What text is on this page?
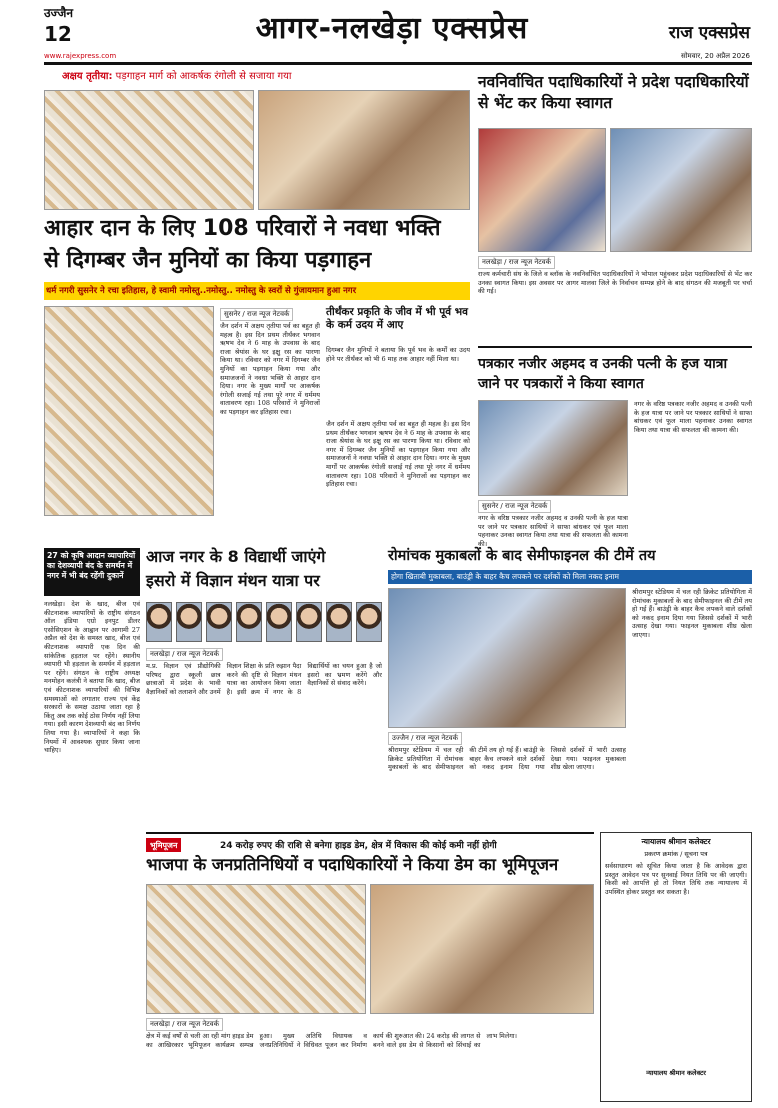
उज्जैन
12
www.rajexpress.com
आगर-नलखेड़ा एक्सप्रेस	राज एक्सप्रेस
सोमवार, 20 अप्रैल 2026
अक्षय तृतीया: पड़गाहन मार्ग को आकर्षक रंगोली से सजाया गया
आहार दान के लिए 108 परिवारों ने नवधा भक्ति
से दिगम्बर जैन मुनियों का किया पड़गाहन
धर्म नगरी सुसनेर ने रचा इतिहास, हे स्वामी नमोस्तु..नमोस्तु.. नमोस्तु के स्वरों से गुंजायमान हुआ नगर
सुसनेर / राज न्यूज नेटवर्क
जैन दर्शन में अक्षय तृतीया पर्व का बहुत ही महत्व है। इस दिन प्रथम तीर्थंकर भगवान ऋषभ देव ने 6 माह के उपवास के बाद राजा श्रेयांस के घर इक्षु रस का पारणा किया था। रविवार को नगर में दिगम्बर जैन मुनियों का पड़गाहन किया गया और समाजजनों ने नवधा भक्ति से आहार दान दिया। नगर के मुख्य मार्गों पर आकर्षक रंगोली सजाई गई तथा पूरे नगर में धर्ममय वातावरण रहा। 108 परिवारों ने मुनिराजों का पड़गाहन कर इतिहास रचा।
तीर्थंकर प्रकृति के जीव में भी पूर्व भव के कर्म उदय में आए
दिगम्बर जैन मुनियों ने बताया कि पूर्व भव के कर्मों का उदय होने पर तीर्थंकर को भी 6 माह तक आहार नहीं मिला था।
जैन दर्शन में अक्षय तृतीया पर्व का बहुत ही महत्व है। इस दिन प्रथम तीर्थंकर भगवान ऋषभ देव ने 6 माह के उपवास के बाद राजा श्रेयांस के घर इक्षु रस का पारणा किया था। रविवार को नगर में दिगम्बर जैन मुनियों का पड़गाहन किया गया और समाजजनों ने नवधा भक्ति से आहार दान दिया। नगर के मुख्य मार्गों पर आकर्षक रंगोली सजाई गई तथा पूरे नगर में धर्ममय वातावरण रहा। 108 परिवारों ने मुनिराजों का पड़गाहन कर इतिहास रचा।
नवनिर्वाचित पदाधिकारियों ने प्रदेश पदाधिकारियों से भेंट कर किया स्वागत
नलखेड़ा / राज न्यूज नेटवर्क
राज्य कर्मचारी संघ के जिले व ब्लॉक के नवनिर्वाचित पदाधिकारियों ने भोपाल पहुंचकर प्रदेश पदाधिकारियों से भेंट कर उनका स्वागत किया। इस अवसर पर आगर मालवा जिले के निर्वाचन सम्पन्न होने के बाद संगठन की मजबूती पर चर्चा की गई।
पत्रकार नजीर अहमद व उनकी पत्नी के हज यात्रा जाने पर पत्रकारों ने किया स्वागत
नगर के वरिष्ठ पत्रकार नजीर अहमद व उनकी पत्नी के हज यात्रा पर जाने पर पत्रकार साथियों ने साफा बांधकर एवं फूल माला पहनाकर उनका स्वागत किया तथा यात्रा की सफलता की कामना की।
सुसनेर / राज न्यूज नेटवर्क
नगर के वरिष्ठ पत्रकार नजीर अहमद व उनकी पत्नी के हज यात्रा पर जाने पर पत्रकार साथियों ने साफा बांधकर एवं फूल माला पहनाकर उनका स्वागत किया तथा यात्रा की सफलता की कामना की।
27 को कृषि आदान व्यापारियों का देशव्यापी बंद के समर्थन में नगर में भी बंद रहेंगी दुकानें
नलखेड़ा। देश के खाद, बीज एवं कीटनाशक व्यापारियों के राष्ट्रीय संगठन ऑल इंडिया एग्रो इनपुट डीलर एसोसिएशन के आह्वान पर आगामी 27 अप्रैल को देश के समस्त खाद, बीज एवं कीटनाशक व्यापारी एक दिन की सांकेतिक हड़ताल पर रहेंगे। स्थानीय व्यापारी भी हड़ताल के समर्थन में हड़ताल पर रहेंगे। संगठन के राष्ट्रीय अध्यक्ष मनमोहन कलंत्री ने बताया कि खाद, बीज एवं कीटनाशक व्यापारियों की विभिन्न समस्याओं को लगातार राज्य एवं केंद्र सरकारों के समक्ष उठाया जाता रहा है किंतु अब तक कोई ठोस निर्णय नहीं लिया गया। इसी कारण देशव्यापी बंद का निर्णय लिया गया है। व्यापारियों ने कहा कि नियमों में आवश्यक सुधार किया जाना चाहिए।
आज नगर के 8 विद्यार्थी जाएंगे
इसरो में विज्ञान मंथन यात्रा पर
नलखेड़ा / राज न्यूज नेटवर्क
म.प्र. विज्ञान एवं प्रौद्योगिकी परिषद द्वारा स्कूली छात्र छात्राओं में प्रदेश के भावी वैज्ञानिकों को तलाशने और उनमें विज्ञान शिक्षा के प्रति रुझान पैदा करने की दृष्टि से विज्ञान मंथन यात्रा का आयोजन किया जाता है। इसी क्रम में नगर के 8 विद्यार्थियों का चयन हुआ है जो इसरो का भ्रमण करेंगे और वैज्ञानिकों से संवाद करेंगे।
रोमांचक मुकाबलों के बाद सेमीफाइनल की टीमें तय
होगा खिताबी मुकाबला, बाउंड्री के बाहर कैच लपकने पर दर्शकों को मिला नकद इनाम
उज्जैन / राज न्यूज नेटवर्क
श्रीरामपुर स्टेडियम में चल रही क्रिकेट प्रतियोगिता में रोमांचक मुकाबलों के बाद सेमीफाइनल की टीमें तय हो गई हैं। बाउंड्री के बाहर कैच लपकने वाले दर्शकों को नकद इनाम दिया गया जिससे दर्शकों में भारी उत्साह देखा गया। फाइनल मुकाबला शीघ्र खेला जाएगा।
श्रीरामपुर स्टेडियम में चल रही क्रिकेट प्रतियोगिता में रोमांचक मुकाबलों के बाद सेमीफाइनल की टीमें तय हो गई हैं। बाउंड्री के बाहर कैच लपकने वाले दर्शकों को नकद इनाम दिया गया जिससे दर्शकों में भारी उत्साह देखा गया। फाइनल मुकाबला शीघ्र खेला जाएगा।
भूमिपूजन	24 करोड़ रुपए की राशि से बनेगा हाइड डेम, क्षेत्र में विकास की कोई कमी नहीं होगी
भाजपा के जनप्रतिनिधियों व पदाधिकारियों ने किया डेम का भूमिपूजन
नलखेड़ा / राज न्यूज नेटवर्क
क्षेत्र में कई वर्षों से चली आ रही मांग हाइड डेम का आखिरकार भूमिपूजन कार्यक्रम सम्पन्न हुआ। मुख्य अतिथि विधायक व जनप्रतिनिधियों ने विधिवत पूजन कर निर्माण कार्य की शुरुआत की। 24 करोड़ की लागत से बनने वाले इस डेम से किसानों को सिंचाई का लाभ मिलेगा।
न्यायालय श्रीमान कलेक्टर
प्रकरण क्रमांक / सूचना पत्र
सर्वसाधारण को सूचित किया जाता है कि आवेदक द्वारा प्रस्तुत आवेदन पत्र पर सुनवाई नियत तिथि पर की जाएगी। किसी को आपत्ति हो तो नियत तिथि तक न्यायालय में उपस्थित होकर प्रस्तुत कर सकता है।
न्यायालय श्रीमान कलेक्टर
